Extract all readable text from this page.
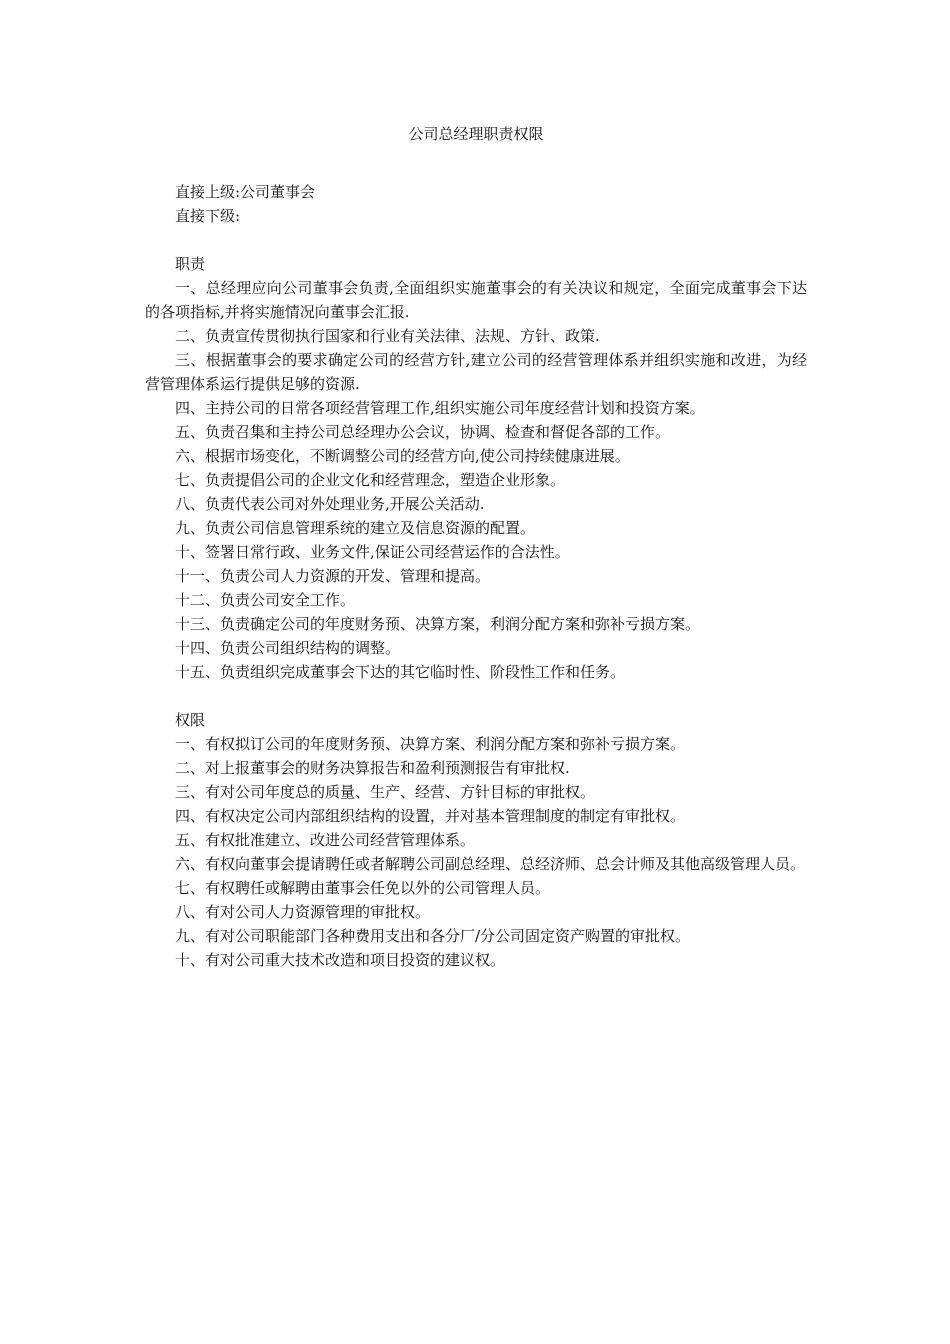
公司总经理职责权限

直接上级:公司董事会

直接下级:

职责

一、总经理应向公司董事会负责,全面组织实施董事会的有关决议和规定，全面完成董事会下达的各项指标,并将实施情况向董事会汇报.

二、负责宣传贯彻执行国家和行业有关法律、法规、方针、政策.

三、根据董事会的要求确定公司的经营方针,建立公司的经营管理体系并组织实施和改进，为经营管理体系运行提供足够的资源.

四、主持公司的日常各项经营管理工作,组织实施公司年度经营计划和投资方案。

五、负责召集和主持公司总经理办公会议，协调、检查和督促各部的工作。

六、根据市场变化，不断调整公司的经营方向,使公司持续健康进展。

七、负责提倡公司的企业文化和经营理念，塑造企业形象。

八、负责代表公司对外处理业务,开展公关活动.

九、负责公司信息管理系统的建立及信息资源的配置。

十、签署日常行政、业务文件,保证公司经营运作的合法性。

十一、负责公司人力资源的开发、管理和提高。

十二、负责公司安全工作。

十三、负责确定公司的年度财务预、决算方案，利润分配方案和弥补亏损方案。

十四、负责公司组织结构的调整。

十五、负责组织完成董事会下达的其它临时性、阶段性工作和任务。

权限

一、有权拟订公司的年度财务预、决算方案、利润分配方案和弥补亏损方案。

二、对上报董事会的财务决算报告和盈利预测报告有审批权.

三、有对公司年度总的质量、生产、经营、方针目标的审批权。

四、有权决定公司内部组织结构的设置，并对基本管理制度的制定有审批权。

五、有权批准建立、改进公司经营管理体系。

六、有权向董事会提请聘任或者解聘公司副总经理、总经济师、总会计师及其他高级管理人员。

七、有权聘任或解聘由董事会任免以外的公司管理人员。

八、有对公司人力资源管理的审批权。

九、有对公司职能部门各种费用支出和各分厂/分公司固定资产购置的审批权。

十、有对公司重大技术改造和项目投资的建议权。
